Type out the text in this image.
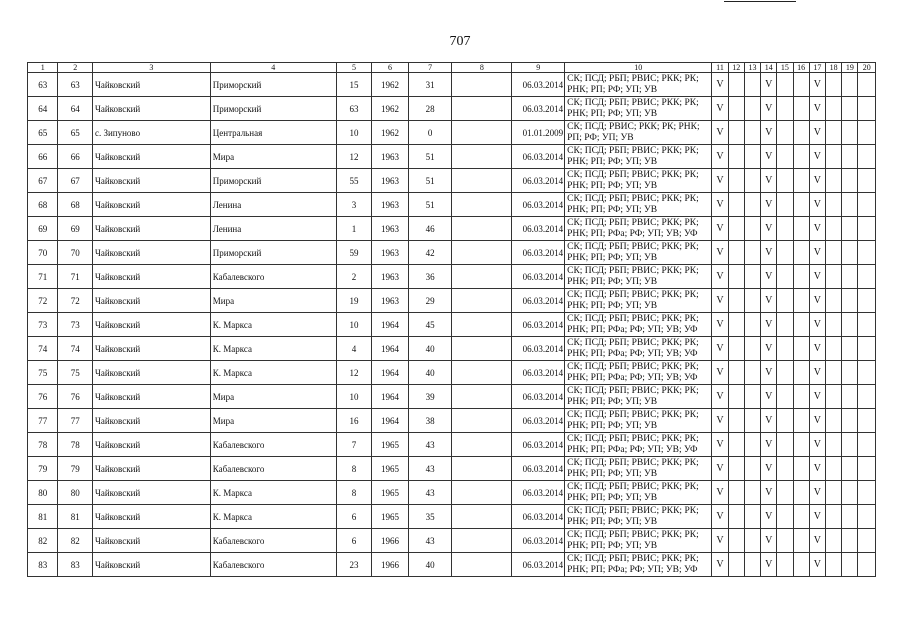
707
1	2	3	4	5	6	7	8	9	10	11	12	13	14	15	16	17	18	19	20
63	63	Чайковский	Приморский	15	1962	31		06.03.2014	СК; ПСД; РБП; РВИС; РКК; РК; РНК; РП; РФ; УП; УВ	V			V			V			
64	64	Чайковский	Приморский	63	1962	28		06.03.2014	СК; ПСД; РБП; РВИС; РКК; РК; РНК; РП; РФ; УП; УВ	V			V			V			
65	65	с. Зипуново	Центральная	10	1962	0		01.01.2009	СК; ПСД; РВИС; РКК; РК; РНК; РП; РФ; УП; УВ	V			V			V			
66	66	Чайковский	Мира	12	1963	51		06.03.2014	СК; ПСД; РБП; РВИС; РКК; РК; РНК; РП; РФ; УП; УВ	V			V			V			
67	67	Чайковский	Приморский	55	1963	51		06.03.2014	СК; ПСД; РБП; РВИС; РКК; РК; РНК; РП; РФ; УП; УВ	V			V			V			
68	68	Чайковский	Ленина	3	1963	51		06.03.2014	СК; ПСД; РБП; РВИС; РКК; РК; РНК; РП; РФ; УП; УВ	V			V			V			
69	69	Чайковский	Ленина	1	1963	46		06.03.2014	СК; ПСД; РБП; РВИС; РКК; РК; РНК; РП; РФа; РФ; УП; УВ; УФ	V			V			V			
70	70	Чайковский	Приморский	59	1963	42		06.03.2014	СК; ПСД; РБП; РВИС; РКК; РК; РНК; РП; РФ; УП; УВ	V			V			V			
71	71	Чайковский	Кабалевского	2	1963	36		06.03.2014	СК; ПСД; РБП; РВИС; РКК; РК; РНК; РП; РФ; УП; УВ	V			V			V			
72	72	Чайковский	Мира	19	1963	29		06.03.2014	СК; ПСД; РБП; РВИС; РКК; РК; РНК; РП; РФ; УП; УВ	V			V			V			
73	73	Чайковский	К. Маркса	10	1964	45		06.03.2014	СК; ПСД; РБП; РВИС; РКК; РК; РНК; РП; РФа; РФ; УП; УВ; УФ	V			V			V			
74	74	Чайковский	К. Маркса	4	1964	40		06.03.2014	СК; ПСД; РБП; РВИС; РКК; РК; РНК; РП; РФа; РФ; УП; УВ; УФ	V			V			V			
75	75	Чайковский	К. Маркса	12	1964	40		06.03.2014	СК; ПСД; РБП; РВИС; РКК; РК; РНК; РП; РФа; РФ; УП; УВ; УФ	V			V			V			
76	76	Чайковский	Мира	10	1964	39		06.03.2014	СК; ПСД; РБП; РВИС; РКК; РК; РНК; РП; РФ; УП; УВ	V			V			V			
77	77	Чайковский	Мира	16	1964	38		06.03.2014	СК; ПСД; РБП; РВИС; РКК; РК; РНК; РП; РФ; УП; УВ	V			V			V			
78	78	Чайковский	Кабалевского	7	1965	43		06.03.2014	СК; ПСД; РБП; РВИС; РКК; РК; РНК; РП; РФа; РФ; УП; УВ; УФ	V			V			V			
79	79	Чайковский	Кабалевского	8	1965	43		06.03.2014	СК; ПСД; РБП; РВИС; РКК; РК; РНК; РП; РФ; УП; УВ	V			V			V			
80	80	Чайковский	К. Маркса	8	1965	43		06.03.2014	СК; ПСД; РБП; РВИС; РКК; РК; РНК; РП; РФ; УП; УВ	V			V			V			
81	81	Чайковский	К. Маркса	6	1965	35		06.03.2014	СК; ПСД; РБП; РВИС; РКК; РК; РНК; РП; РФ; УП; УВ	V			V			V			
82	82	Чайковский	Кабалевского	6	1966	43		06.03.2014	СК; ПСД; РБП; РВИС; РКК; РК; РНК; РП; РФ; УП; УВ	V			V			V			
83	83	Чайковский	Кабалевского	23	1966	40		06.03.2014	СК; ПСД; РБП; РВИС; РКК; РК; РНК; РП; РФа; РФ; УП; УВ; УФ	V			V			V			
